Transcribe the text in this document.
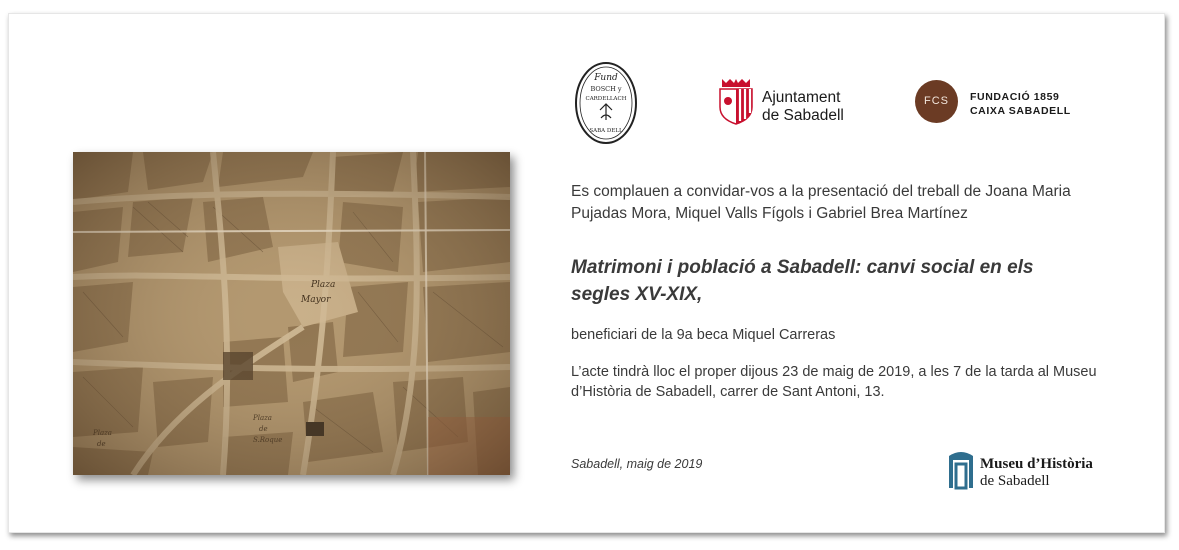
Fund
BOSCH y
CARDELLACH
SABA DELL
Ajuntament
de Sabadell
FCS	FUNDACIÓ 1859
CAIXA SABADELL
Es complauen a convidar-vos a la presentació del treball de Joana Maria Pujadas Mora, Miquel Valls Fígols i Gabriel Brea Martínez
Matrimoni i població a Sabadell: canvi social en els segles XV-XIX,
beneficiari de la 9a beca Miquel Carreras
L’acte tindrà lloc el proper dijous 23 de maig de 2019, a les 7 de la tarda al Museu d’Història de Sabadell, carrer de Sant Antoni, 13.
Sabadell, maig de 2019	Museu d’Història
de Sabadell
